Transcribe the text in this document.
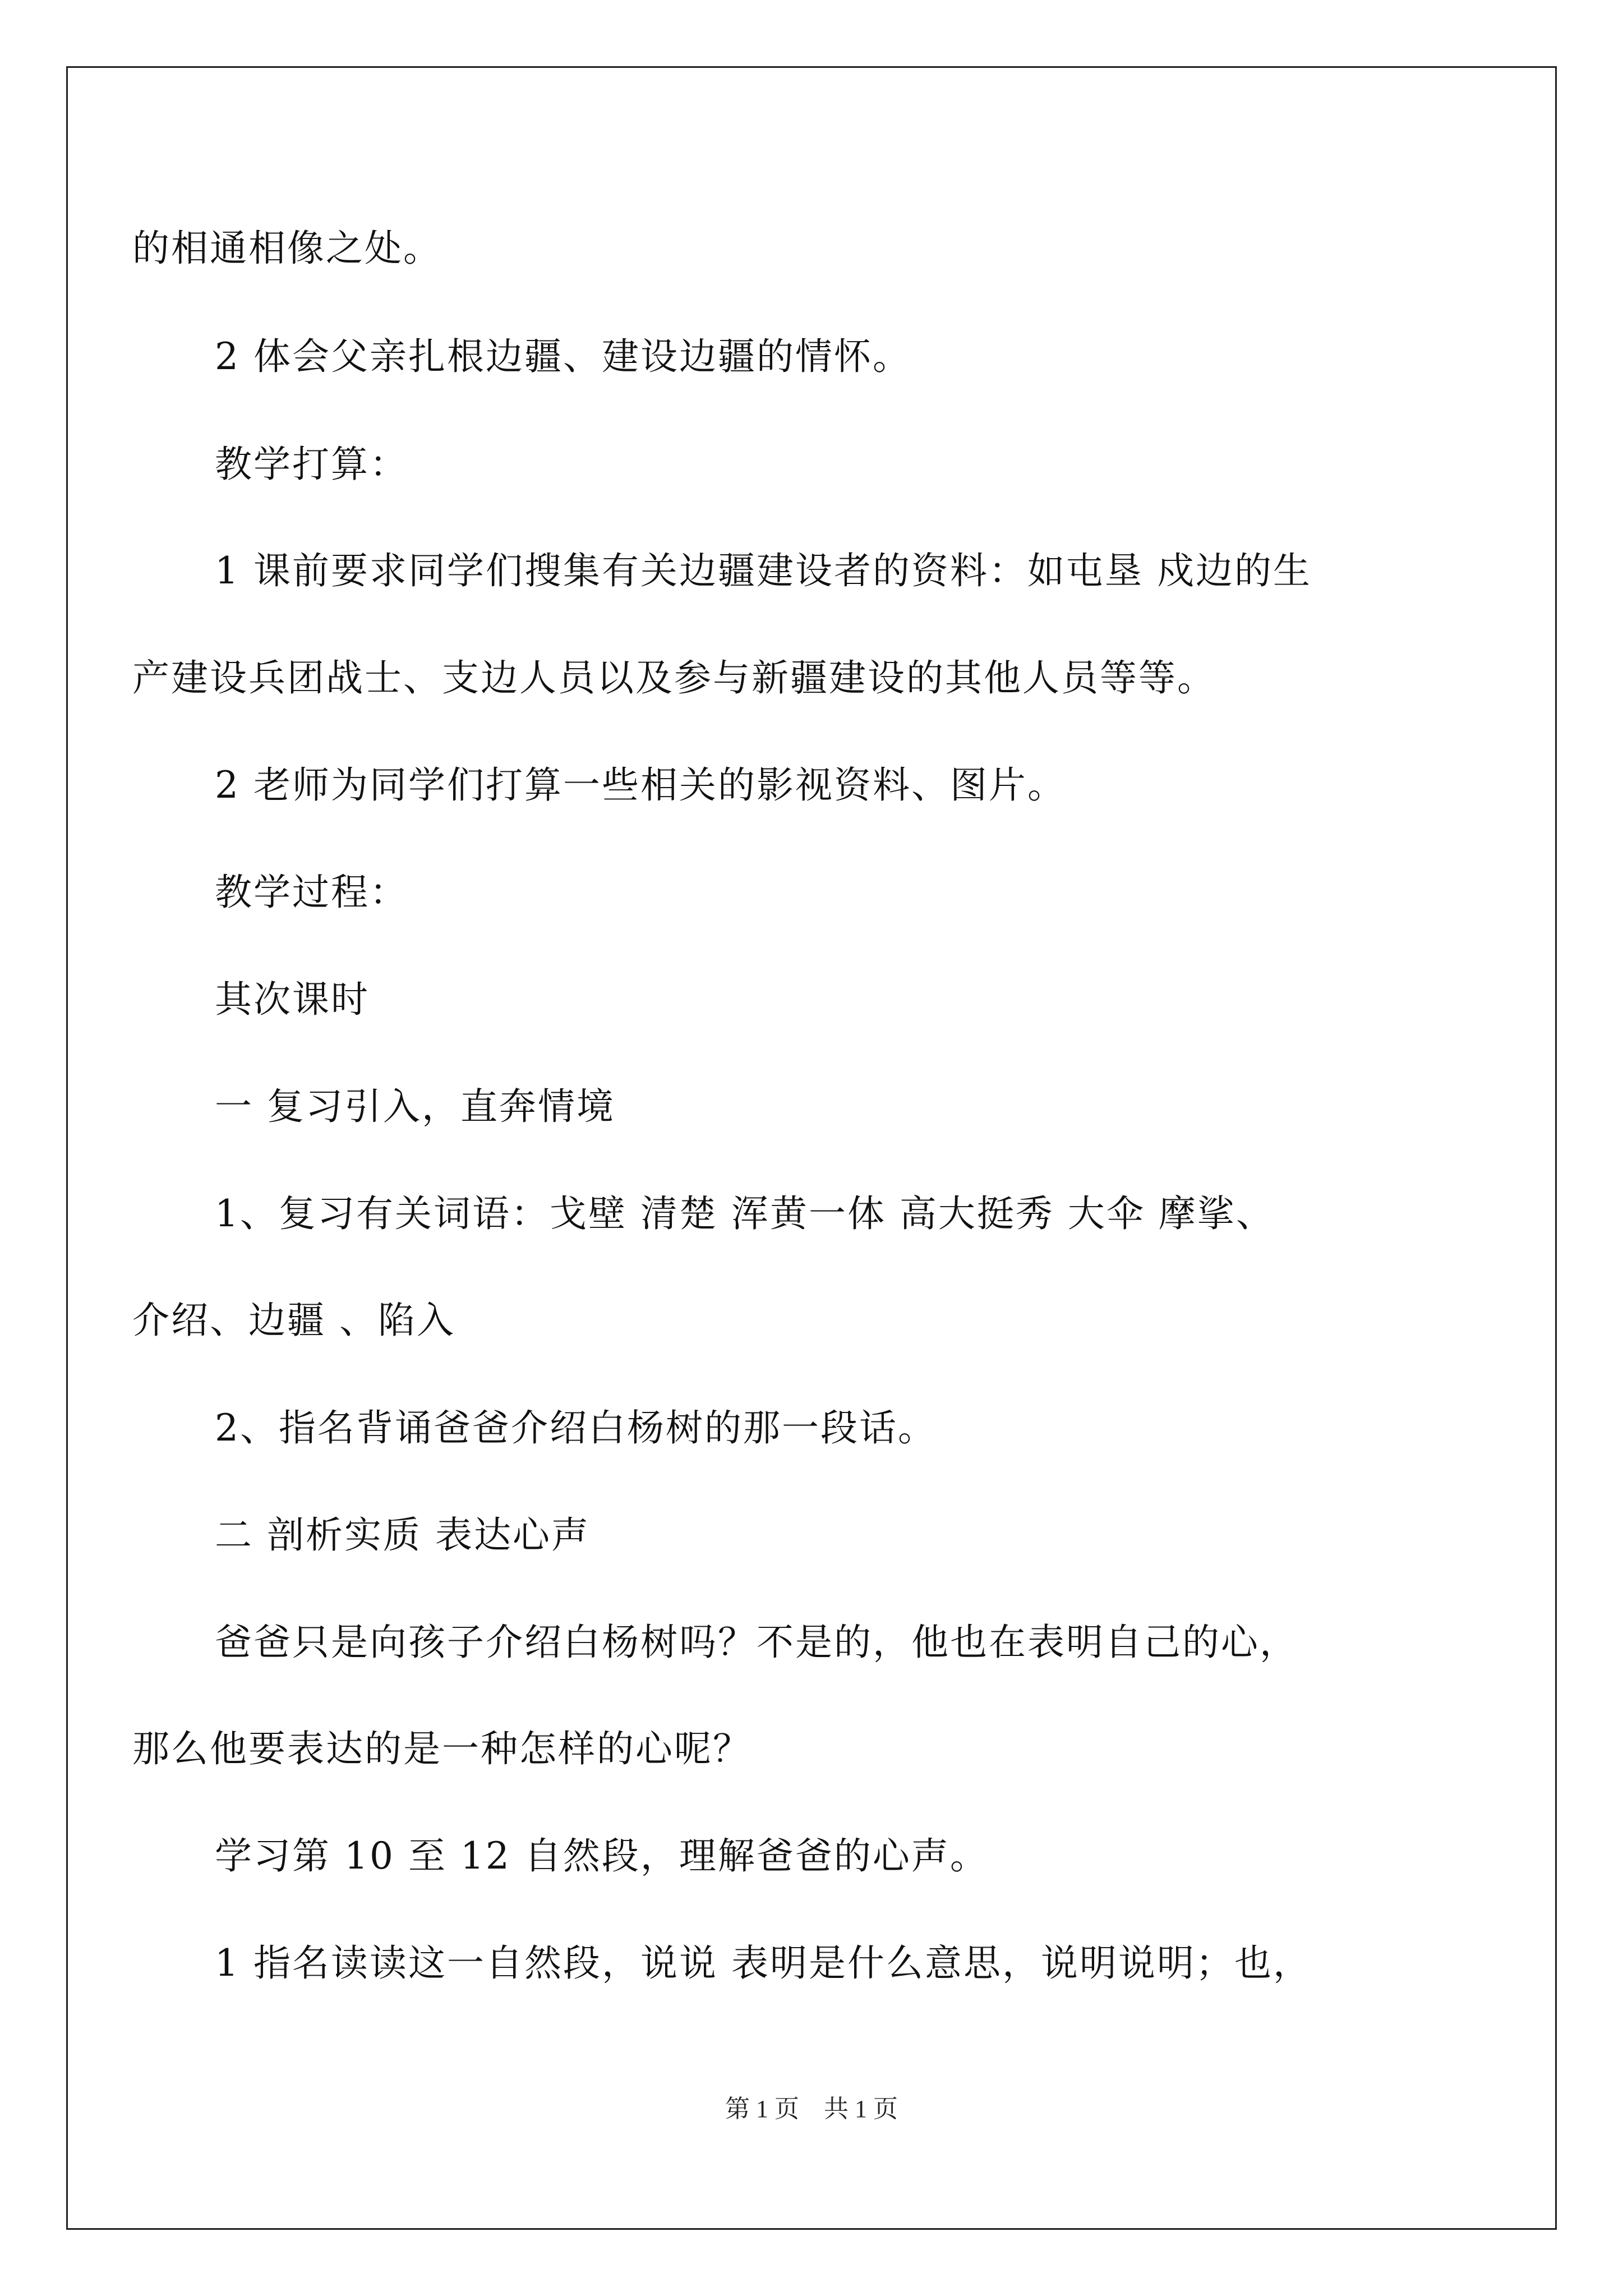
的相通相像之处。
2 体会父亲扎根边疆、建设边疆的情怀。
教学打算：
1 课前要求同学们搜集有关边疆建设者的资料：如屯垦 戍边的生
产建设兵团战士、支边人员以及参与新疆建设的其他人员等等。
2 老师为同学们打算一些相关的影视资料、图片。
教学过程：
其次课时
一 复习引入，直奔情境
1、复习有关词语：戈壁 清楚 浑黄一体 高大挺秀 大伞 摩挲、
介绍、边疆 、陷入
2、指名背诵爸爸介绍白杨树的那一段话。
二 剖析实质 表达心声
爸爸只是向孩子介绍白杨树吗？不是的，他也在表明自己的心，
那么他要表达的是一种怎样的心呢？
学习第 10 至 12 自然段，理解爸爸的心声。
1 指名读读这一自然段，说说 表明是什么意思，说明说明；也，
第 1 页　共 1 页
